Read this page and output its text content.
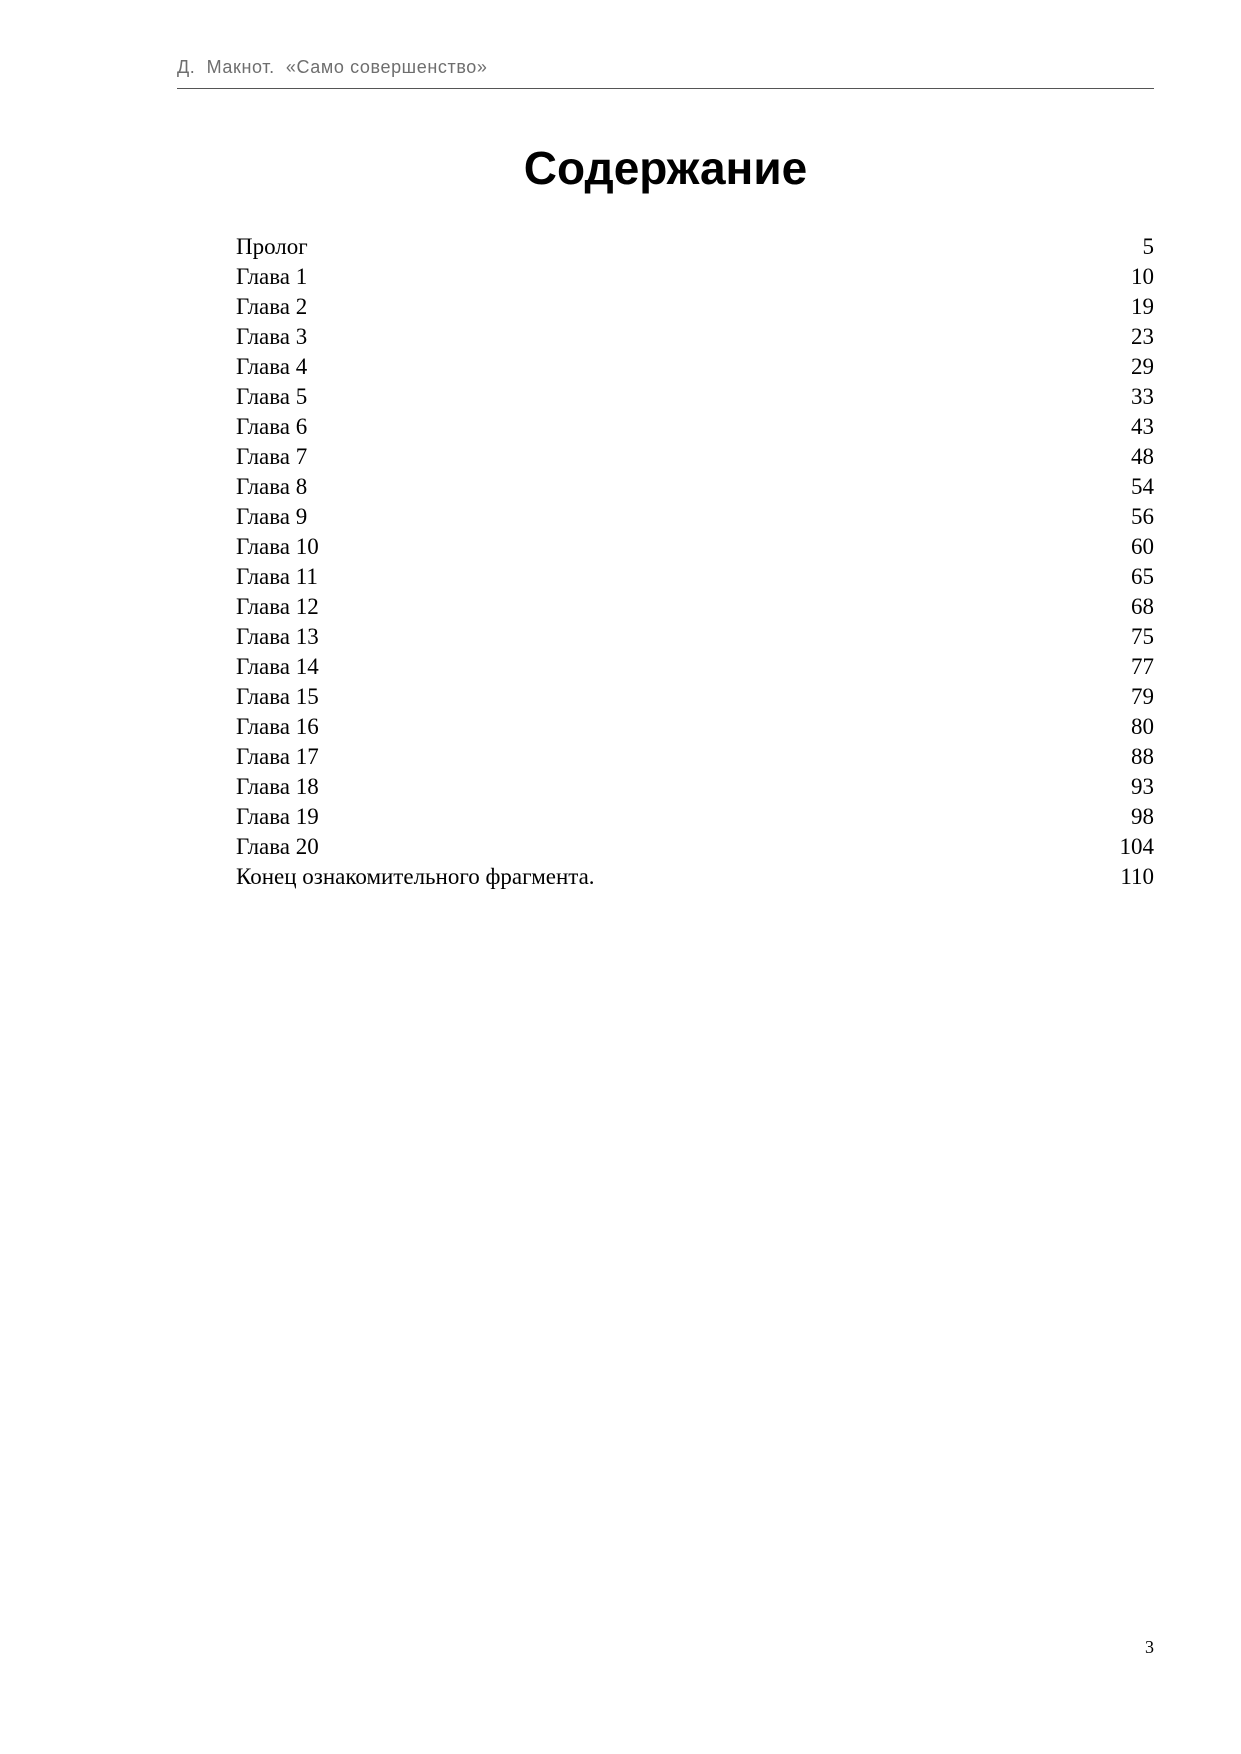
Д.  Макнот.  «Само совершенство»
Содержание
Пролог	5
Глава 1	10
Глава 2	19
Глава 3	23
Глава 4	29
Глава 5	33
Глава 6	43
Глава 7	48
Глава 8	54
Глава 9	56
Глава 10	60
Глава 11	65
Глава 12	68
Глава 13	75
Глава 14	77
Глава 15	79
Глава 16	80
Глава 17	88
Глава 18	93
Глава 19	98
Глава 20	104
Конец ознакомительного фрагмента.	110
3
